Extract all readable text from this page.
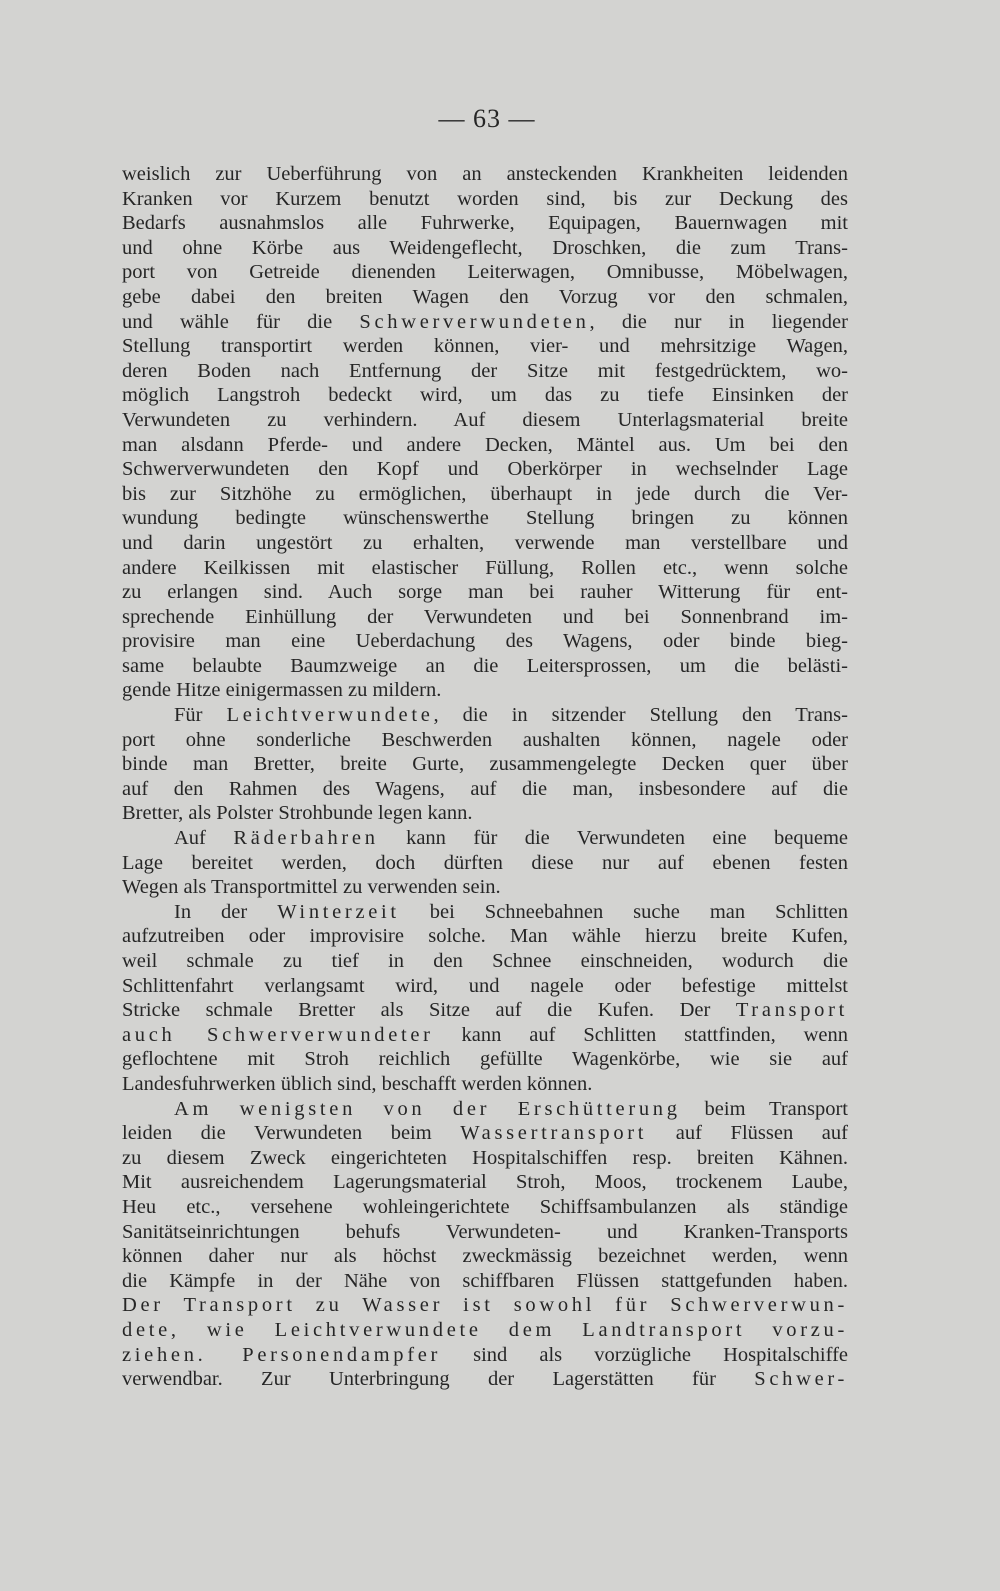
— 63 —
weislich zur Ueberführung von an ansteckenden Krankheiten leidenden
Kranken vor Kurzem benutzt worden sind, bis zur Deckung des
Bedarfs ausnahmslos alle Fuhrwerke, Equipagen, Bauernwagen mit
und ohne Körbe aus Weidengeflecht, Droschken, die zum Trans-
port von Getreide dienenden Leiterwagen, Omnibusse, Möbelwagen,
gebe dabei den breiten Wagen den Vorzug vor den schmalen,
und wähle für die Schwerverwundeten, die nur in liegender
Stellung transportirt werden können, vier- und mehrsitzige Wagen,
deren Boden nach Entfernung der Sitze mit festgedrücktem, wo-
möglich Langstroh bedeckt wird, um das zu tiefe Einsinken der
Verwundeten zu verhindern. Auf diesem Unterlagsmaterial breite
man alsdann Pferde- und andere Decken, Mäntel aus. Um bei den
Schwerverwundeten den Kopf und Oberkörper in wechselnder Lage
bis zur Sitzhöhe zu ermöglichen, überhaupt in jede durch die Ver-
wundung bedingte wünschenswerthe Stellung bringen zu können
und darin ungestört zu erhalten, verwende man verstellbare und
andere Keilkissen mit elastischer Füllung, Rollen etc., wenn solche
zu erlangen sind. Auch sorge man bei rauher Witterung für ent-
sprechende Einhüllung der Verwundeten und bei Sonnenbrand im-
provisire man eine Ueberdachung des Wagens, oder binde bieg-
same belaubte Baumzweige an die Leitersprossen, um die belästi-
gende Hitze einigermassen zu mildern.
Für Leichtverwundete, die in sitzender Stellung den Trans-
port ohne sonderliche Beschwerden aushalten können, nagele oder
binde man Bretter, breite Gurte, zusammengelegte Decken quer über
auf den Rahmen des Wagens, auf die man, insbesondere auf die
Bretter, als Polster Strohbunde legen kann.
Auf Räderbahren kann für die Verwundeten eine bequeme
Lage bereitet werden, doch dürften diese nur auf ebenen festen
Wegen als Transportmittel zu verwenden sein.
In der Winterzeit bei Schneebahnen suche man Schlitten
aufzutreiben oder improvisire solche. Man wähle hierzu breite Kufen,
weil schmale zu tief in den Schnee einschneiden, wodurch die
Schlittenfahrt verlangsamt wird, und nagele oder befestige mittelst
Stricke schmale Bretter als Sitze auf die Kufen. Der Transport
auch Schwerverwundeter kann auf Schlitten stattfinden, wenn
geflochtene mit Stroh reichlich gefüllte Wagenkörbe, wie sie auf
Landesfuhrwerken üblich sind, beschafft werden können.
Am wenigsten von der Erschütterung beim Transport
leiden die Verwundeten beim Wassertransport auf Flüssen auf
zu diesem Zweck eingerichteten Hospitalschiffen resp. breiten Kähnen.
Mit ausreichendem Lagerungsmaterial Stroh, Moos, trockenem Laube,
Heu etc., versehene wohleingerichtete Schiffsambulanzen als ständige
Sanitätseinrichtungen behufs Verwundeten- und Kranken-Transports
können daher nur als höchst zweckmässig bezeichnet werden, wenn
die Kämpfe in der Nähe von schiffbaren Flüssen stattgefunden haben.
Der Transport zu Wasser ist sowohl für Schwerverwun-
dete, wie Leichtverwundete dem Landtransport vorzu-
ziehen. Personendampfer sind als vorzügliche Hospitalschiffe
verwendbar. Zur Unterbringung der Lagerstätten für Schwer-
